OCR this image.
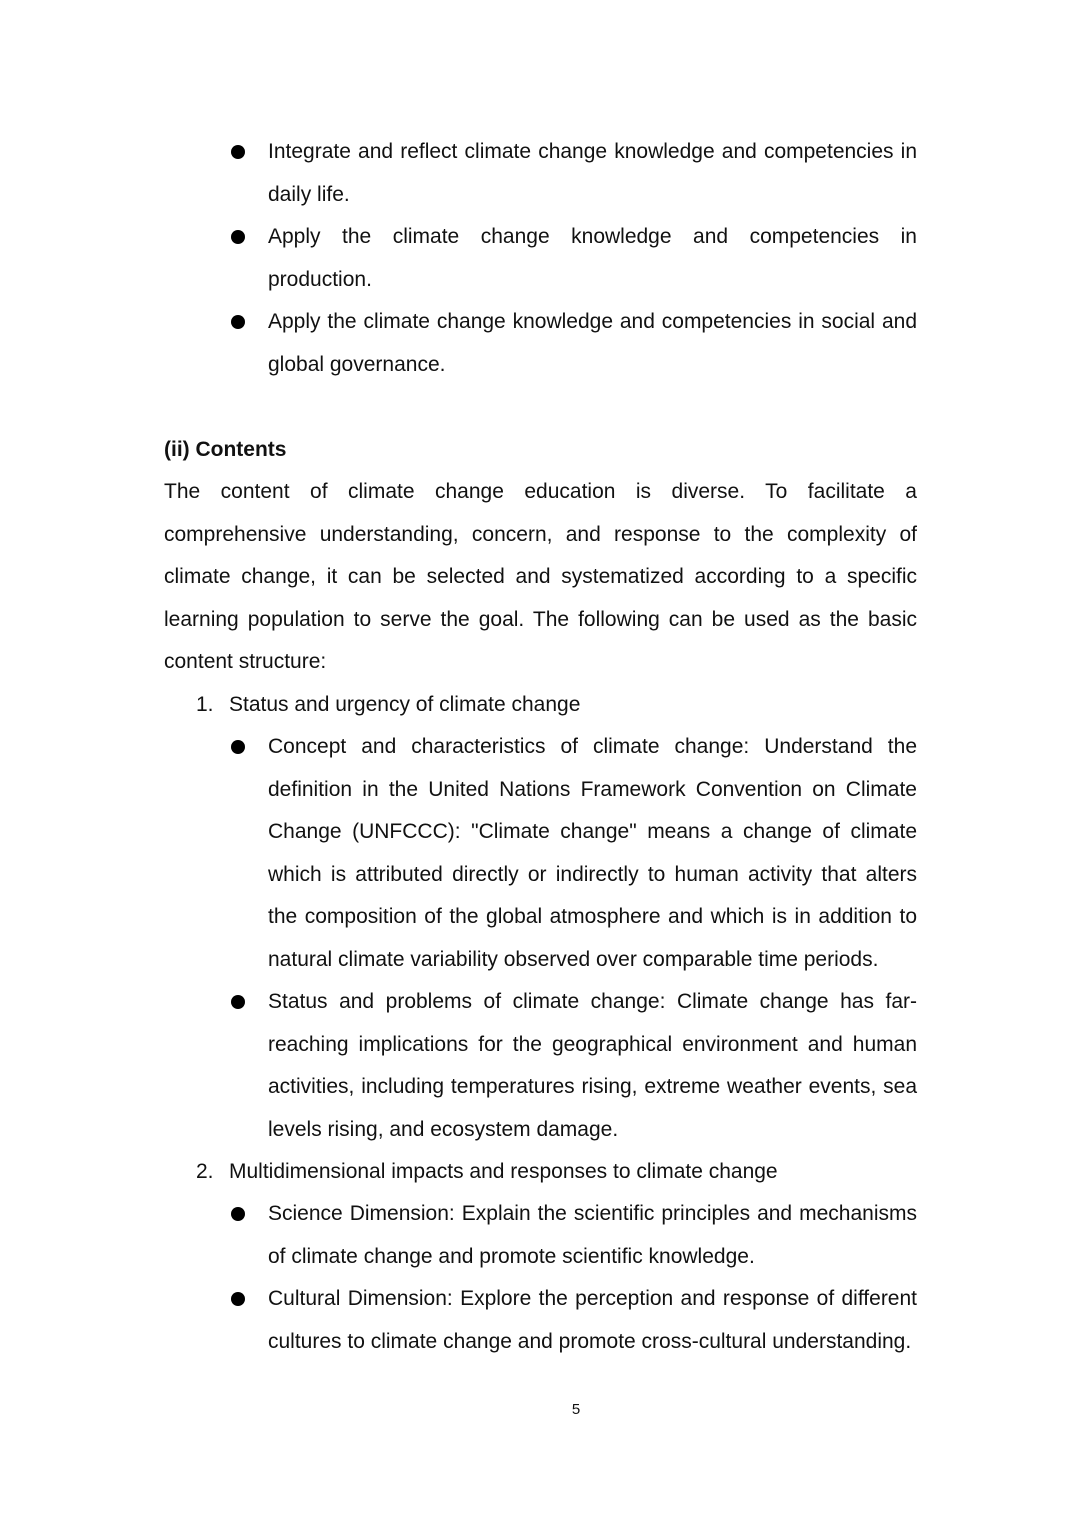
Integrate and reflect climate change knowledge and competencies in daily life.
Apply the climate change knowledge and competencies in production.
Apply the climate change knowledge and competencies in social and global governance.
(ii) Contents
The content of climate change education is diverse. To facilitate a comprehensive understanding, concern, and response to the complexity of climate change, it can be selected and systematized according to a specific learning population to serve the goal. The following can be used as the basic content structure:
1. Status and urgency of climate change
Concept and characteristics of climate change: Understand the definition in the United Nations Framework Convention on Climate Change (UNFCCC): "Climate change" means a change of climate which is attributed directly or indirectly to human activity that alters the composition of the global atmosphere and which is in addition to natural climate variability observed over comparable time periods.
Status and problems of climate change: Climate change has far-reaching implications for the geographical environment and human activities, including temperatures rising, extreme weather events, sea levels rising, and ecosystem damage.
2. Multidimensional impacts and responses to climate change
Science Dimension: Explain the scientific principles and mechanisms of climate change and promote scientific knowledge.
Cultural Dimension: Explore the perception and response of different cultures to climate change and promote cross-cultural understanding.
5
